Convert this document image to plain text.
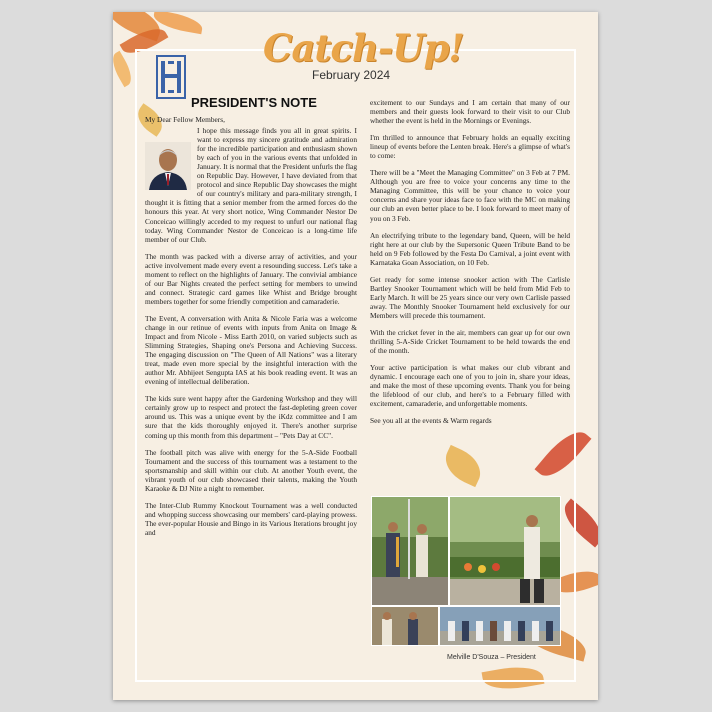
Catch-Up!
February 2024
PRESIDENT'S NOTE

My Dear Fellow Members,

I hope this message finds you all in great spirits. I want to express my sincere gratitude and admiration for the incredible participation and enthusiasm shown by each of you in the various events that unfolded in January. It is normal that the President unfurls the flag on Republic Day. However, I have deviated from that protocol and since Republic Day showcases the might of our country's military and para-military strength, I thought it is fitting that a senior member from the armed forces do the honours this year. At very short notice, Wing Commander Nestor De Conceicao willingly acceded to my request to unfurl our national flag today. Wing Commander Nestor de Conceicao is a long-time life member of our Club.

The month was packed with a diverse array of activities, and your active involvement made every event a resounding success. Let's take a moment to reflect on the highlights of January. The convivial ambiance of our Bar Nights created the perfect setting for members to unwind and connect. Strategic card games like Whist and Bridge brought members together for some friendly competition and camaraderie.

The Event, A conversation with Anita & Nicole Faria was a welcome change in our retinue of events with inputs from Anita on Image & Impact and from Nicole - Miss Earth 2010, on varied subjects such as Slimming Strategies, Shaping one's Persona and Achieving Success. The engaging discussion on "The Queen of All Nations" was a literary treat, made even more special by the insightful interaction with the author Mr. Abhijeet Sengupta IAS at his book reading event. It was an evening of intellectual deliberation.

The kids sure went happy after the Gardening Workshop and they will certainly grow up to respect and protect the fast-depleting green cover around us. This was a unique event by the iKdz committee and I am sure that the kids thoroughly enjoyed it. There's another surprise coming up this month from this department – "Pets Day at CC".

The football pitch was alive with energy for the 5-A-Side Football Tournament and the success of this tournament was a testament to the sportsmanship and skill within our club. At another Youth event, the vibrant youth of our club showcased their talents, making the Youth Karaoke & DJ Nite a night to remember.

The Inter-Club Rummy Knockout Tournament was a well conducted and whopping success showcasing our members' card-playing prowess. The ever-popular Housie and Bingo in its Various Iterations brought joy and

excitement to our Sundays and I am certain that many of our members and their guests look forward to their visit to our Club whether the event is held in the Mornings or Evenings.

I'm thrilled to announce that February holds an equally exciting lineup of events before the Lenten break. Here's a glimpse of what's to come:

There will be a "Meet the Managing Committee" on 3 Feb at 7 PM. Although you are free to voice your concerns any time to the Managing Committee, this will be your chance to voice your concerns and share your ideas face to face with the MC on making our club an even better place to be. I look forward to meet many of you on 3 Feb.

An electrifying tribute to the legendary band, Queen, will be held right here at our club by the Supersonic Queen Tribute Band to be held on 9 Feb followed by the Festa Do Carnival, a joint event with Karnataka Goan Association, on 10 Feb.

Get ready for some intense snooker action with The Carlisle Bartley Snooker Tournament which will be held from Mid Feb to Early March. It will be 25 years since our very own Carlisle passed away. The Monthly Snooker Tournament held exclusively for our Members will precede this tournament.

With the cricket fever in the air, members can gear up for our own thrilling 5-A-Side Cricket Tournament to be held towards the end of the month.

Your active participation is what makes our club vibrant and dynamic. I encourage each one of you to join in, share your ideas, and make the most of these upcoming events. Thank you for being the lifeblood of our club, and here's to a February filled with excitement, camaraderie, and unforgettable moments.

See you all at the events & Warm regards

Melville D'Souza – President
